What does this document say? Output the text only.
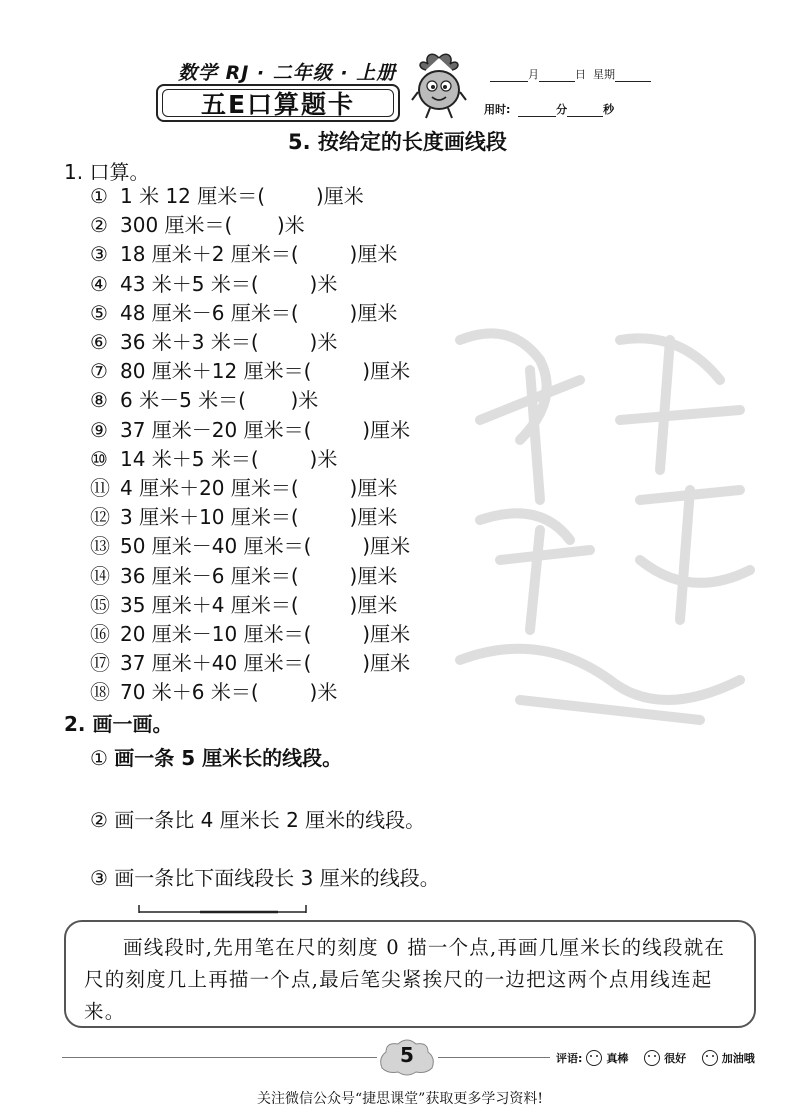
数学 RJ · 二年级 · 上册
五E口算题卡
月	日 星期
用时:	分	秒
5. 按给定的长度画线段
1. 口算。
① 1 米 12 厘米＝(        )厘米
② 300 厘米＝(       )米
③ 18 厘米＋2 厘米＝(        )厘米
④ 43 米＋5 米＝(        )米
⑤ 48 厘米－6 厘米＝(        )厘米
⑥ 36 米＋3 米＝(        )米
⑦ 80 厘米＋12 厘米＝(        )厘米
⑧ 6 米－5 米＝(       )米
⑨ 37 厘米－20 厘米＝(        )厘米
⑩ 14 米＋5 米＝(        )米
⑪ 4 厘米＋20 厘米＝(        )厘米
⑫ 3 厘米＋10 厘米＝(        )厘米
⑬ 50 厘米－40 厘米＝(        )厘米
⑭ 36 厘米－6 厘米＝(        )厘米
⑮ 35 厘米＋4 厘米＝(        )厘米
⑯ 20 厘米－10 厘米＝(        )厘米
⑰ 37 厘米＋40 厘米＝(        )厘米
⑱ 70 米＋6 米＝(        )米
2. 画一画。
① 画一条 5 厘米长的线段。
② 画一条比 4 厘米长 2 厘米的线段。
③ 画一条比下面线段长 3 厘米的线段。
画线段时,先用笔在尺的刻度 0 描一个点,再画几厘米长的线段就在尺的刻度几上再描一个点,最后笔尖紧挨尺的一边把这两个点用线连起来。
5	评语: 真棒
	很好
	加油哦
关注微信公众号“捷思课堂”获取更多学习资料!
